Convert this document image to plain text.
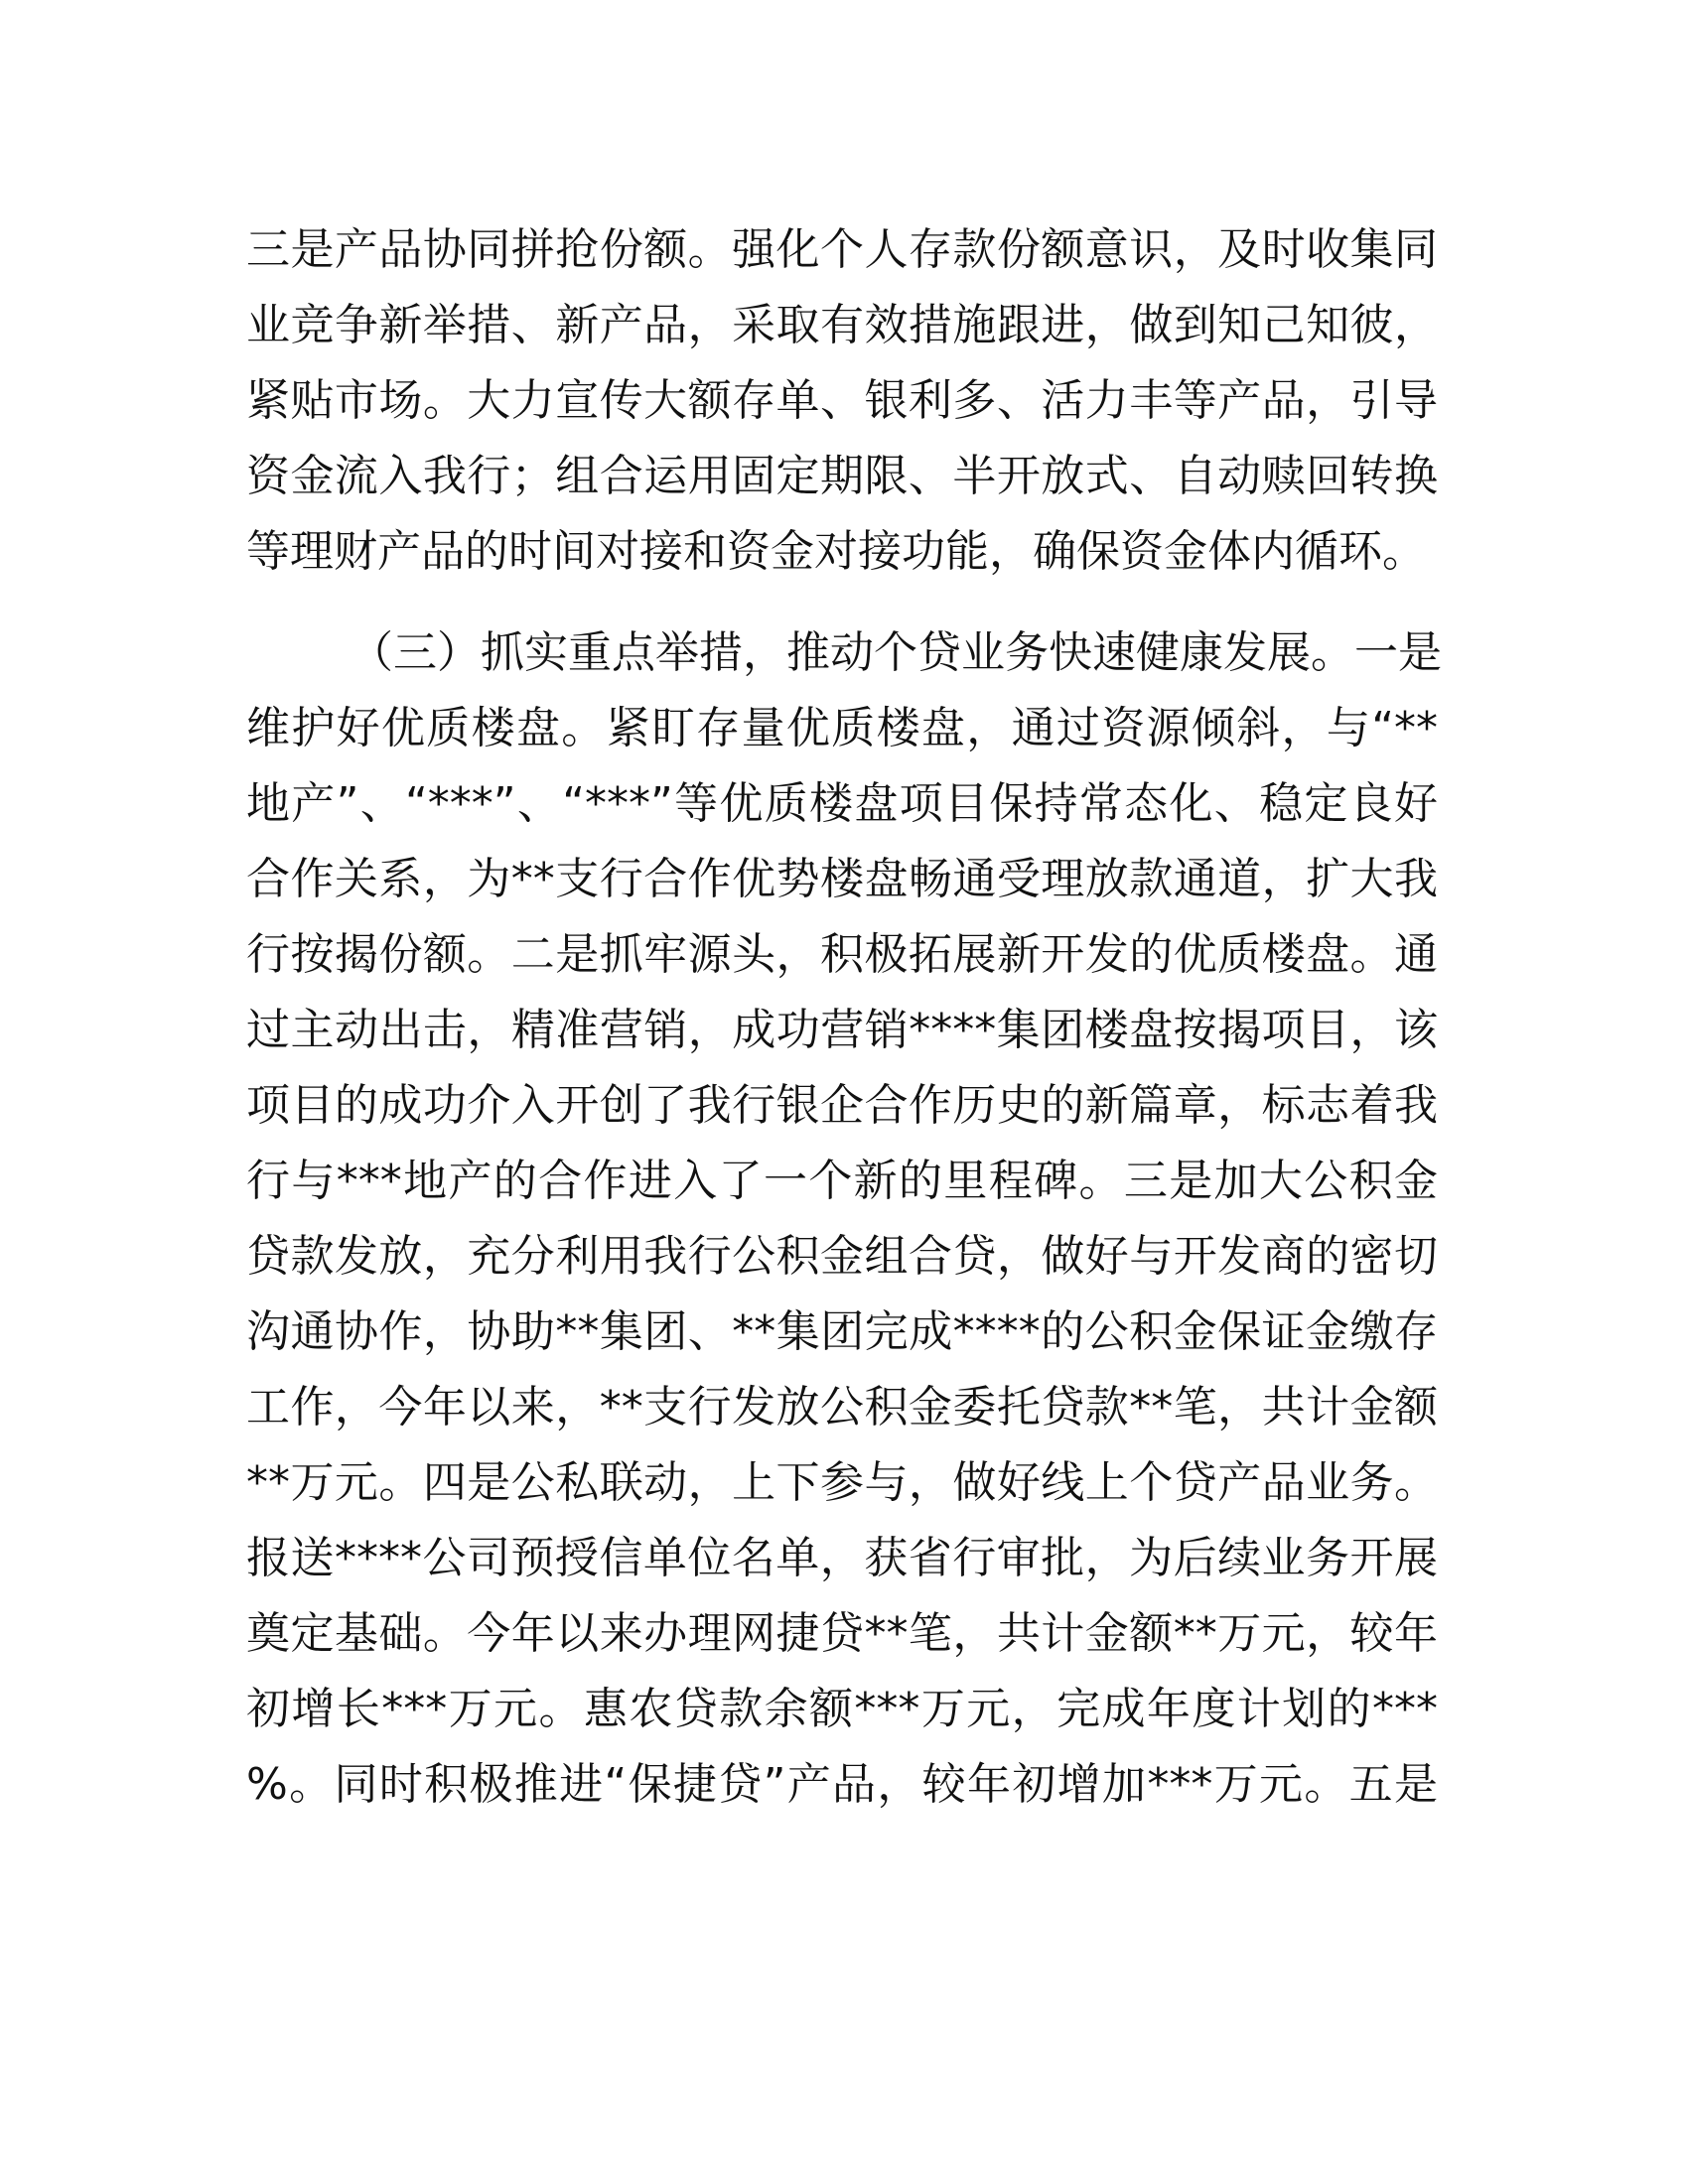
三是产品协同拼抢份额。强化个人存款份额意识，及时收集同
业竞争新举措、新产品，采取有效措施跟进，做到知己知彼，
紧贴市场。大力宣传大额存单、银利多、活力丰等产品，引导
资金流入我行；组合运用固定期限、半开放式、自动赎回转换
等理财产品的时间对接和资金对接功能，确保资金体内循环。
（三）抓实重点举措，推动个贷业务快速健康发展。一是
维护好优质楼盘。紧盯存量优质楼盘，通过资源倾斜，与“**
地产”、“***”、“***”等优质楼盘项目保持常态化、稳定良好
合作关系，为**支行合作优势楼盘畅通受理放款通道，扩大我
行按揭份额。二是抓牢源头，积极拓展新开发的优质楼盘。通
过主动出击，精准营销，成功营销****集团楼盘按揭项目，该
项目的成功介入开创了我行银企合作历史的新篇章，标志着我
行与***地产的合作进入了一个新的里程碑。三是加大公积金
贷款发放，充分利用我行公积金组合贷，做好与开发商的密切
沟通协作，协助**集团、**集团完成****的公积金保证金缴存
工作，今年以来，**支行发放公积金委托贷款**笔，共计金额
**万元。四是公私联动，上下参与，做好线上个贷产品业务。
报送****公司预授信单位名单，获省行审批，为后续业务开展
奠定基础。今年以来办理网捷贷**笔，共计金额**万元，较年
初增长***万元。惠农贷款余额***万元，完成年度计划的***
%。同时积极推进“保捷贷”产品，较年初增加***万元。五是
